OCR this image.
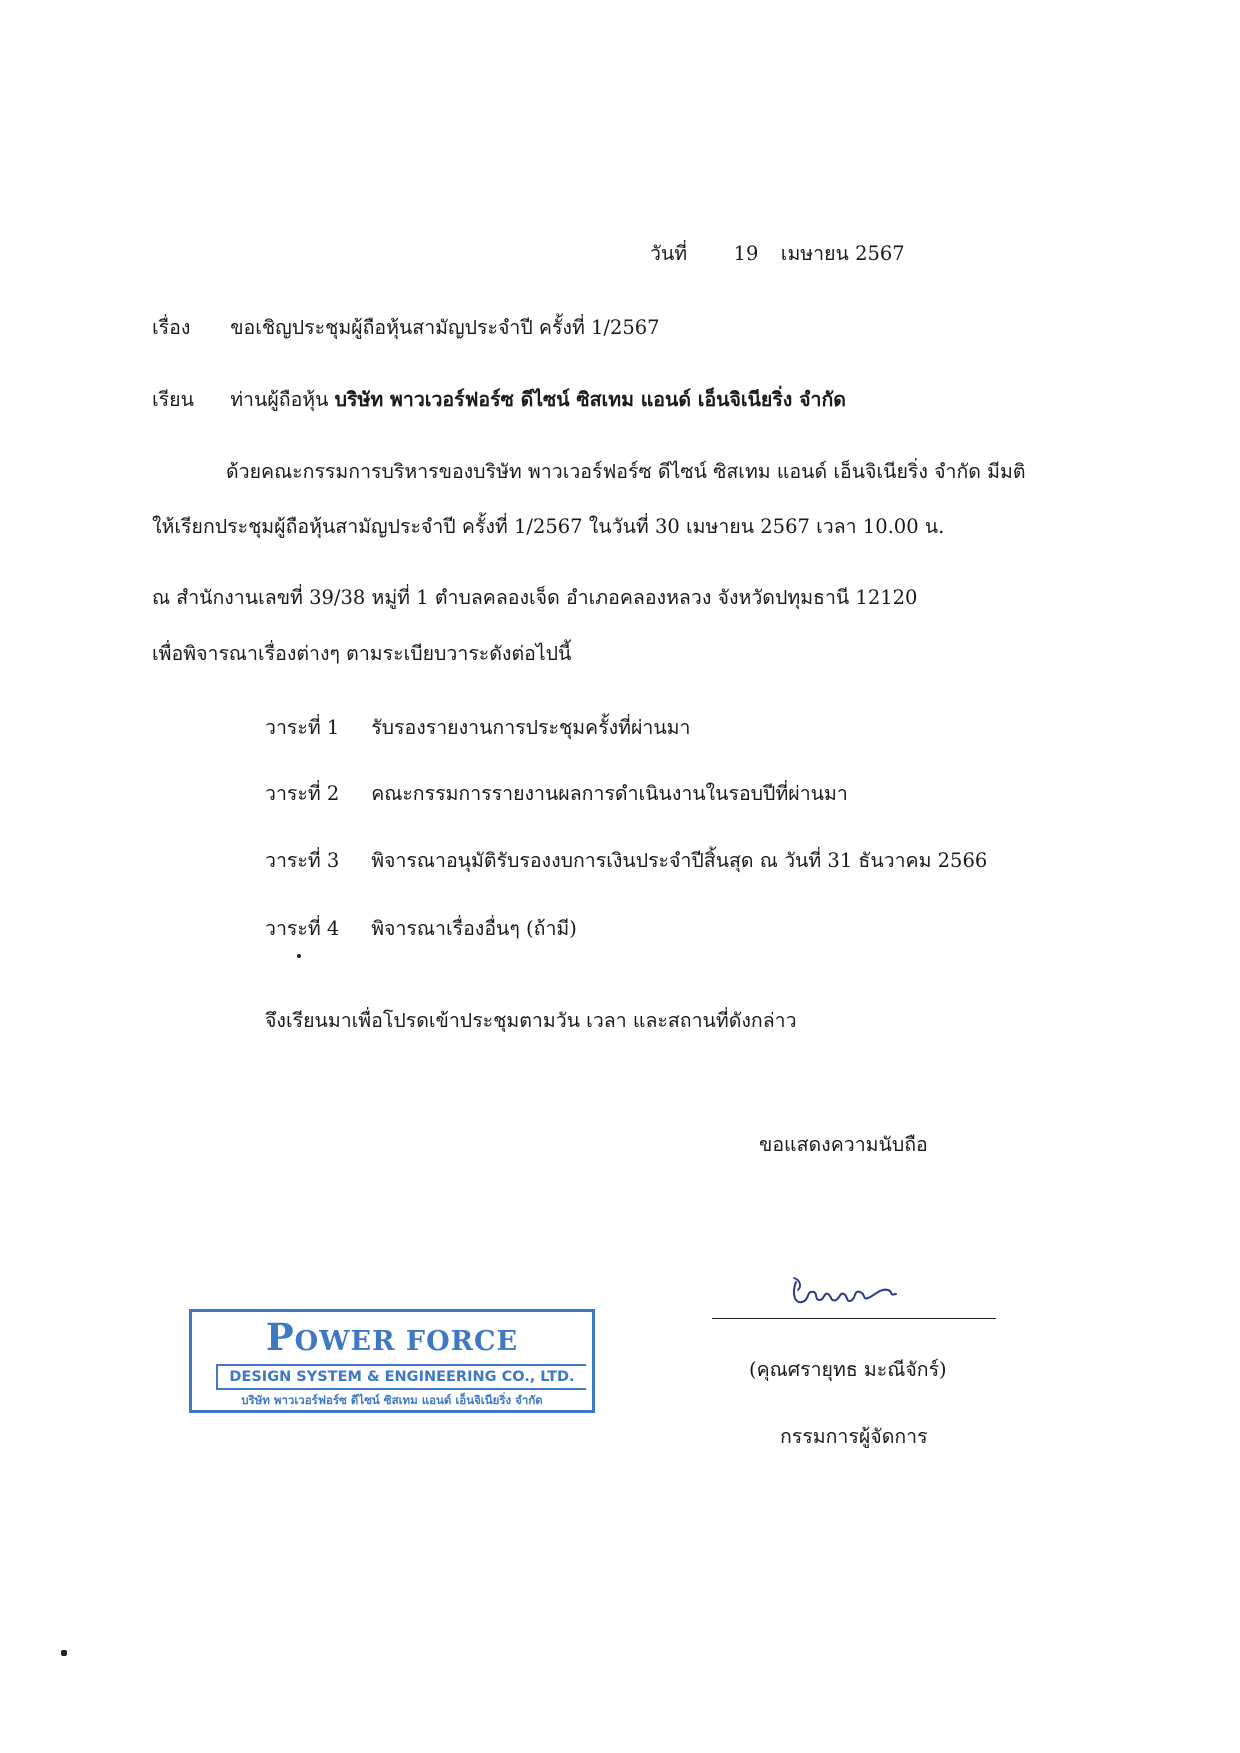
วันที่ 19 เมษายน 2567
เรื่อง ขอเชิญประชุมผู้ถือหุ้นสามัญประจำปี ครั้งที่ 1/2567
เรียน ท่านผู้ถือหุ้น บริษัท พาวเวอร์ฟอร์ซ ดีไซน์ ซิสเทม แอนด์ เอ็นจิเนียริ่ง จำกัด
ด้วยคณะกรรมการบริหารของบริษัท พาวเวอร์ฟอร์ซ ดีไซน์ ซิสเทม แอนด์ เอ็นจิเนียริ่ง จำกัด มีมติ
ให้เรียกประชุมผู้ถือหุ้นสามัญประจำปี ครั้งที่ 1/2567 ในวันที่ 30 เมษายน 2567 เวลา 10.00 น.
ณ สำนักงานเลขที่ 39/38 หมู่ที่ 1 ตำบลคลองเจ็ด อำเภอคลองหลวง จังหวัดปทุมธานี 12120
เพื่อพิจารณาเรื่องต่างๆ ตามระเบียบวาระดังต่อไปนี้
วาระที่ 1 รับรองรายงานการประชุมครั้งที่ผ่านมา
วาระที่ 2 คณะกรรมการรายงานผลการดำเนินงานในรอบปีที่ผ่านมา
วาระที่ 3 พิจารณาอนุมัติรับรองงบการเงินประจำปีสิ้นสุด ณ วันที่ 31 ธันวาคม 2566
วาระที่ 4 พิจารณาเรื่องอื่นๆ (ถ้ามี)
จึงเรียนมาเพื่อโปรดเข้าประชุมตามวัน เวลา และสถานที่ดังกล่าว
ขอแสดงความนับถือ
(คุณศรายุทธ มะณีจักร์)
กรรมการผู้จัดการ
POWER FORCE
DESIGN SYSTEM & ENGINEERING CO., LTD.
บริษัท พาวเวอร์ฟอร์ซ ดีไซน์ ซิสเทม แอนด์ เอ็นจิเนียริ่ง จำกัด
